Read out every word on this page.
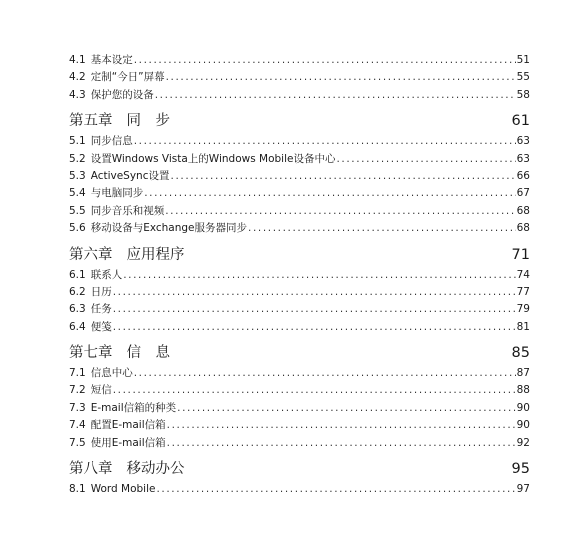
4.1 基本设定 .....	51
4.2 定制“今日”屏幕 .....	55
4.3 保护您的设备 .....	58
第五章 同　步	61
5.1 同步信息 .....	63
5.2 设置Windows Vista上的Windows Mobile设备中心 .....	63
5.3 ActiveSync设置 .....	66
5.4 与电脑同步 .....	67
5.5 同步音乐和视频 .....	68
5.6 移动设备与Exchange服务器同步 .....	68
第六章 应用程序	71
6.1 联系人 .....	74
6.2 日历 .....	77
6.3 任务 .....	79
6.4 便笺 .....	81
第七章 信　息	85
7.1 信息中心 .....	87
7.2 短信 .....	88
7.3 E-mail信箱的种类 .....	90
7.4 配置E-mail信箱 .....	90
7.5 使用E-mail信箱 .....	92
第八章 移动办公	95
8.1 Word Mobile .....	97
